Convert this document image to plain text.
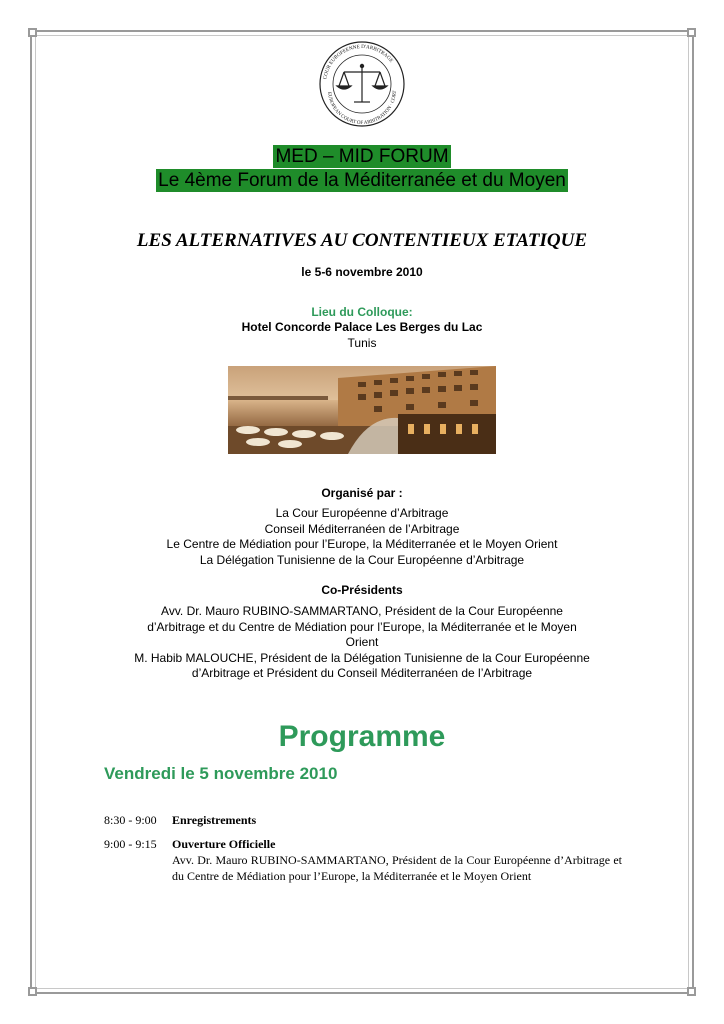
COUR EUROPEENNE D'ARBITRAGE
EUROPEAN COURT OF ARBITRATION · CORT
MED – MID FORUM
Le 4ème Forum de la Méditerranée et du Moyen
LES ALTERNATIVES AU CONTENTIEUX ETATIQUE
le 5-6 novembre 2010
Lieu du Colloque:
Hotel Concorde Palace Les Berges du Lac
Tunis
Organisé par :
La Cour Européenne d’Arbitrage
Conseil Méditerranéen de l’Arbitrage
Le Centre de Médiation pour l’Europe, la Méditerranée et le Moyen Orient
La Délégation Tunisienne de la Cour Européenne d’Arbitrage
Co-Présidents
Avv. Dr. Mauro RUBINO-SAMMARTANO, Président de la Cour Européenne
d’Arbitrage et du Centre de Médiation pour l’Europe, la Méditerranée et le Moyen
Orient
M. Habib MALOUCHE, Président de la Délégation Tunisienne de la Cour Européenne
d’Arbitrage et Président du Conseil Méditerranéen de l’Arbitrage
Programme
Vendredi le 5 novembre 2010
8:30 - 9:00	Enregistrements
9:00 - 9:15	Ouverture Officielle
Avv. Dr. Mauro RUBINO-SAMMARTANO, Président de la Cour Européenne d’Arbitrage et du Centre de Médiation pour l’Europe, la Méditerranée et le Moyen Orient
